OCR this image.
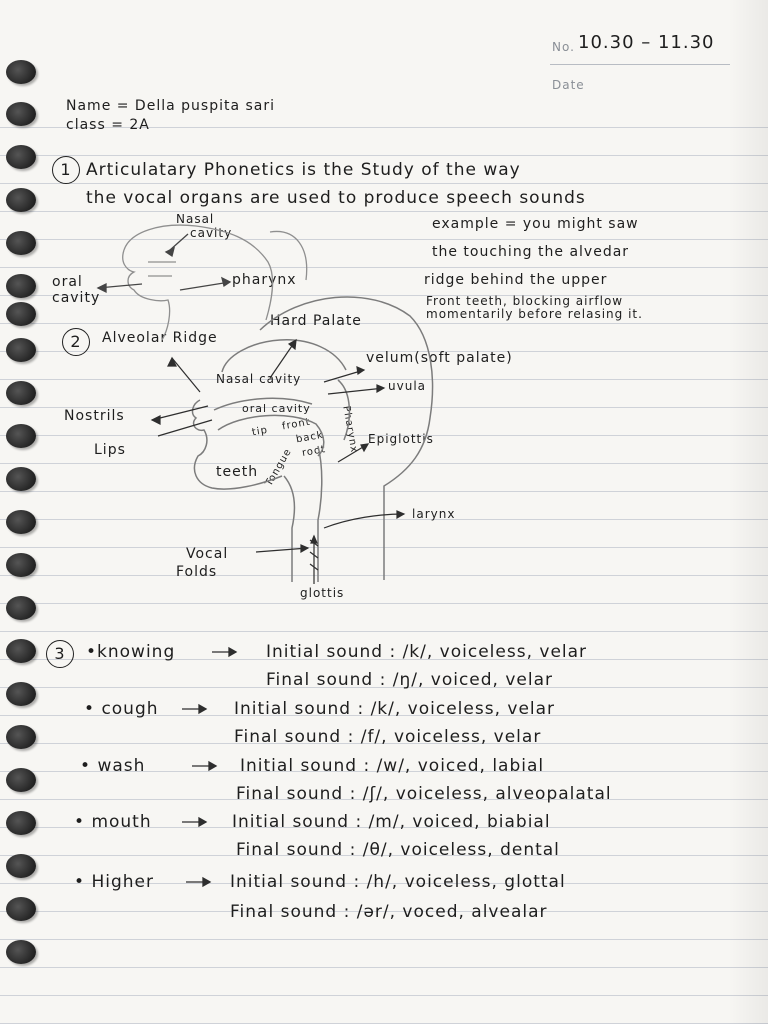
No. 10.30 – 11.30
Date
Name = Della puspita sari
class = 2A
1 Articulatary Phonetics is the Study of the way
the vocal organs are used to produce speech sounds
example = you might saw
the touching the alvedar
ridge behind the upper
Front teeth, blocking airflow
momentarily before relasing it.
Nasal
cavity
oral
cavity
pharynx
2	Alveolar Ridge
Hard Palate
Nasal cavity
velum(soft palate)
uvula
Nostrils
Lips
oral cavity
tip front
back
root
Tongue
Pharynx Epiglottis
teeth
larynx
Vocal
Folds
glottis
3	•knowing	Initial sound : /k/, voiceless, velar
Final sound : /ŋ/, voiced, velar
• cough	Initial sound : /k/, voiceless, velar
Final sound : /f/, voiceless, velar
• wash	Initial sound : /w/, voiced, labial
Final sound : /ʃ/, voiceless, alveopalatal
• mouth	Initial sound : /m/, voiced, biabial
Final sound : /θ/, voiceless, dental
• Higher	Initial sound : /h/, voiceless, glottal
Final sound : /ər/, voced, alvealar
